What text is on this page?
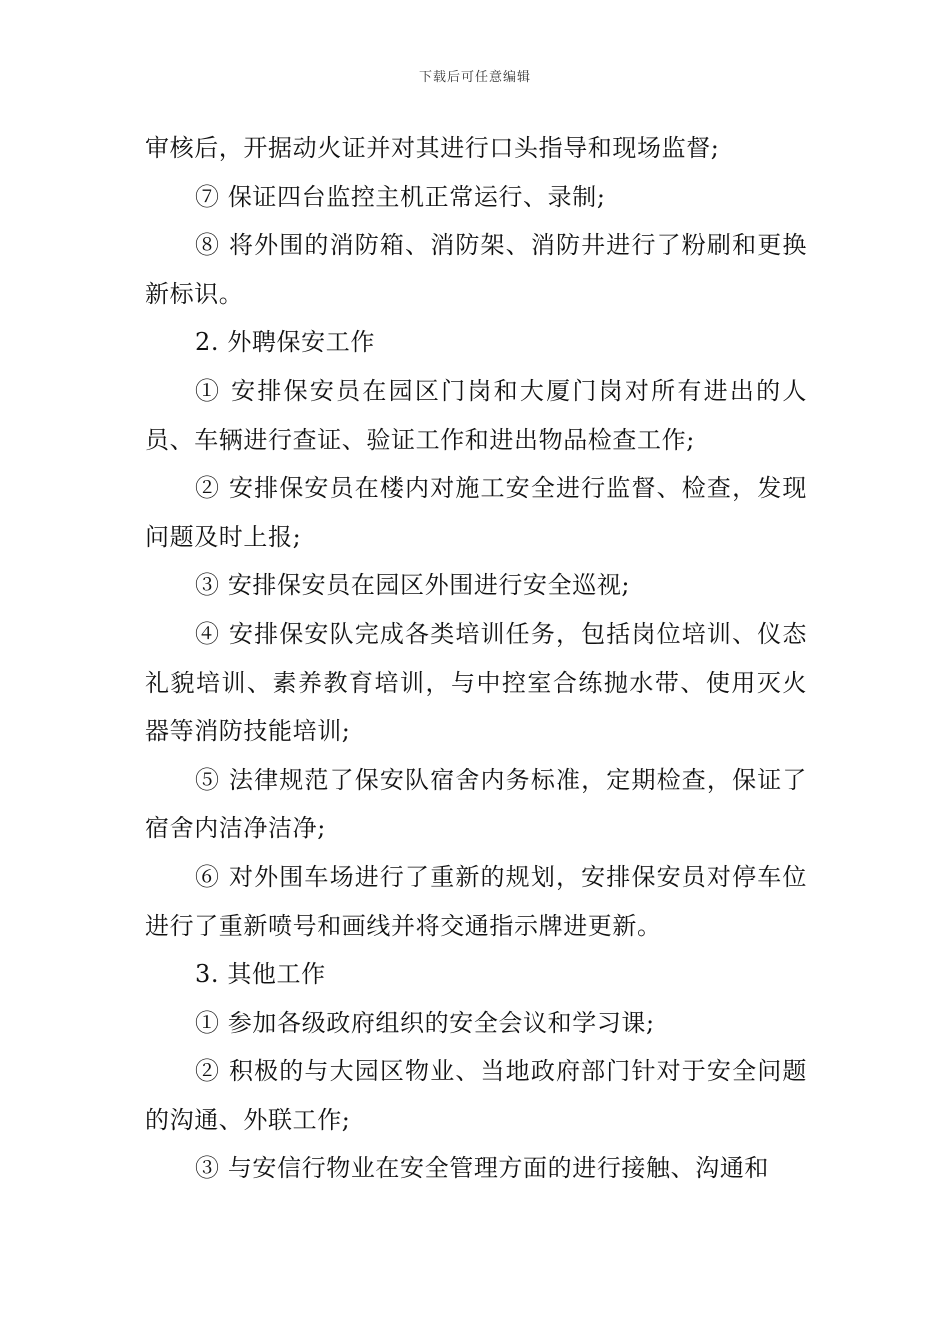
下载后可任意编辑

审核后，开据动火证并对其进行口头指导和现场监督;

⑦ 保证四台监控主机正常运行、录制;

⑧ 将外围的消防箱、消防架、消防井进行了粉刷和更换新标识。

2. 外聘保安工作

① 安排保安员在园区门岗和大厦门岗对所有进出的人员、车辆进行查证、验证工作和进出物品检查工作;

② 安排保安员在楼内对施工安全进行监督、检查，发现问题及时上报;

③ 安排保安员在园区外围进行安全巡视;

④ 安排保安队完成各类培训任务，包括岗位培训、仪态礼貌培训、素养教育培训，与中控室合练抛水带、使用灭火器等消防技能培训;

⑤ 法律规范了保安队宿舍内务标准，定期检查，保证了宿舍内洁净洁净;

⑥ 对外围车场进行了重新的规划，安排保安员对停车位进行了重新喷号和画线并将交通指示牌进更新。

3. 其他工作

① 参加各级政府组织的安全会议和学习课;

② 积极的与大园区物业、当地政府部门针对于安全问题的沟通、外联工作;

③ 与安信行物业在安全管理方面的进行接触、沟通和
